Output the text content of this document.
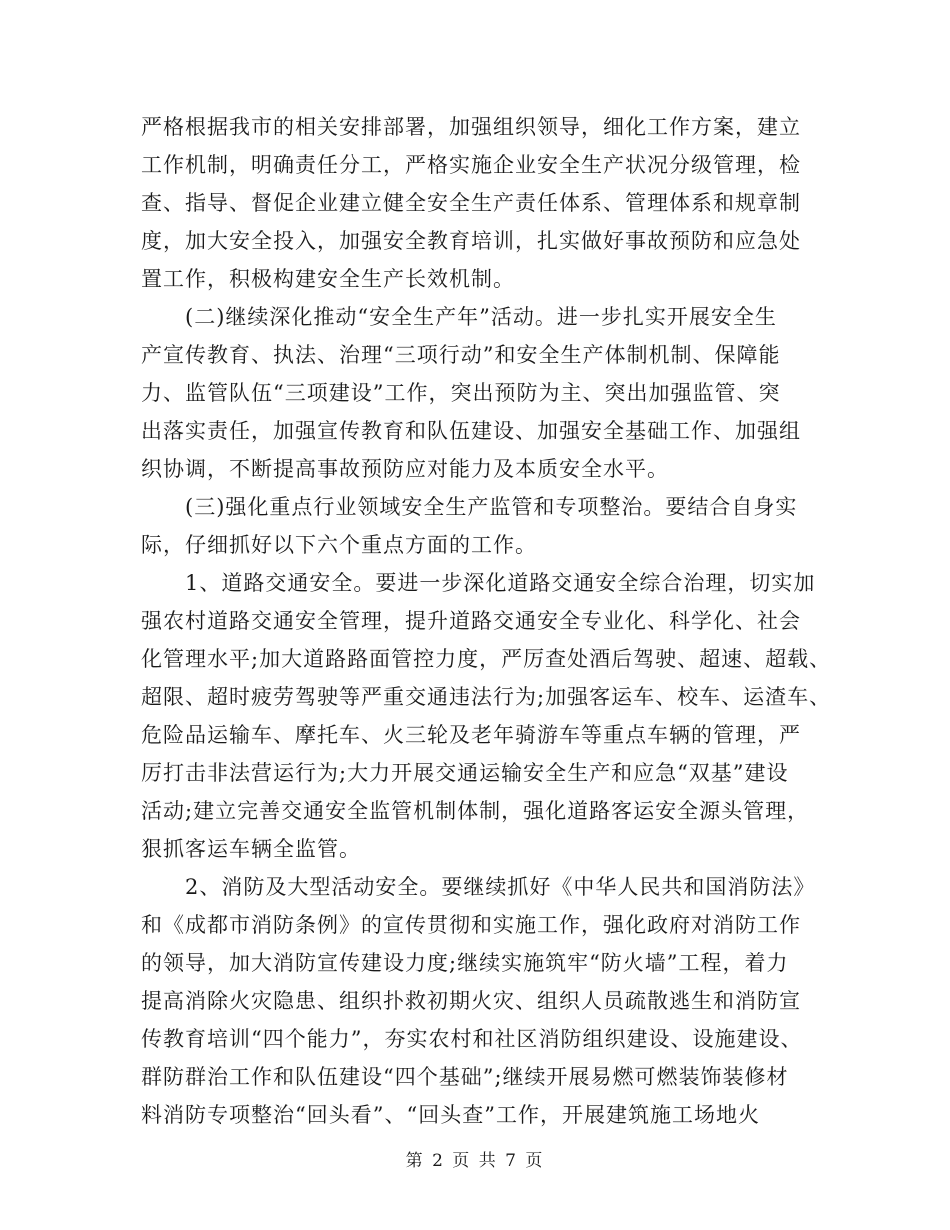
严格根据我市的相关安排部署，加强组织领导，细化工作方案，建立
工作机制，明确责任分工，严格实施企业安全生产状况分级管理，检
查、指导、督促企业建立健全安全生产责任体系、管理体系和规章制
度，加大安全投入，加强安全教育培训，扎实做好事故预防和应急处
置工作，积极构建安全生产长效机制。
(二)继续深化推动“安全生产年”活动。进一步扎实开展安全生
产宣传教育、执法、治理“三项行动”和安全生产体制机制、保障能
力、监管队伍“三项建设”工作，突出预防为主、突出加强监管、突
出落实责任，加强宣传教育和队伍建设、加强安全基础工作、加强组
织协调，不断提高事故预防应对能力及本质安全水平。
(三)强化重点行业领域安全生产监管和专项整治。要结合自身实
际，仔细抓好以下六个重点方面的工作。
1、道路交通安全。要进一步深化道路交通安全综合治理，切实加
强农村道路交通安全管理，提升道路交通安全专业化、科学化、社会
化管理水平;加大道路路面管控力度，严厉查处酒后驾驶、超速、超载、
超限、超时疲劳驾驶等严重交通违法行为;加强客运车、校车、运渣车、
危险品运输车、摩托车、火三轮及老年骑游车等重点车辆的管理，严
厉打击非法营运行为;大力开展交通运输安全生产和应急“双基”建设
活动;建立完善交通安全监管机制体制，强化道路客运安全源头管理，
狠抓客运车辆全监管。
2、消防及大型活动安全。要继续抓好《中华人民共和国消防法》
和《成都市消防条例》的宣传贯彻和实施工作，强化政府对消防工作
的领导，加大消防宣传建设力度;继续实施筑牢“防火墙”工程，着力
提高消除火灾隐患、组织扑救初期火灾、组织人员疏散逃生和消防宣
传教育培训“四个能力”，夯实农村和社区消防组织建设、设施建设、
群防群治工作和队伍建设“四个基础”;继续开展易燃可燃装饰装修材
料消防专项整治“回头看”、“回头查”工作，开展建筑施工场地火
第 2 页 共 7 页
